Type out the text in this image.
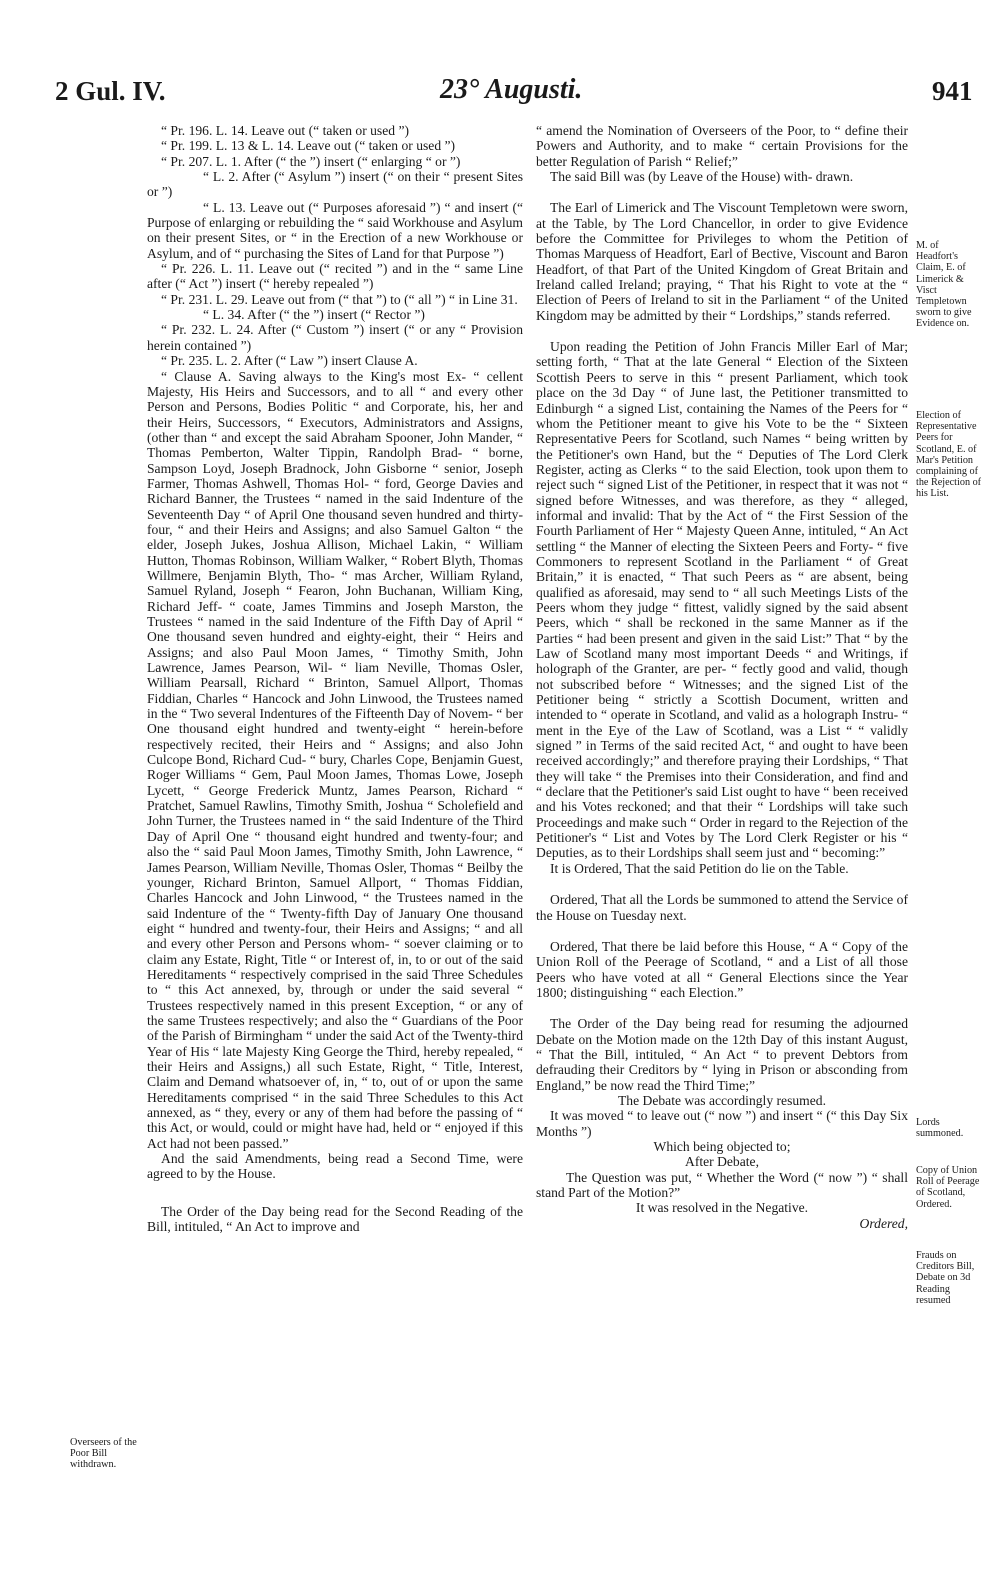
2 Gul. IV.	23° Augusti.	941

“ Pr. 196. L. 14. Leave out (“ taken or used ”)

“ Pr. 199. L. 13 & L. 14. Leave out (“ taken or used ”)

“ Pr. 207. L. 1. After (“ the ”) insert (“ enlarging “ or ”)

“ L. 2. After (“ Asylum ”) insert (“ on their “ present Sites or ”)

“ L. 13. Leave out (“ Purposes aforesaid ”) “ and insert (“ Purpose of enlarging or rebuilding the “ said Workhouse and Asylum on their present Sites, or “ in the Erection of a new Workhouse or Asylum, and of “ purchasing the Sites of Land for that Purpose ”)

“ Pr. 226. L. 11. Leave out (“ recited ”) and in the “ same Line after (“ Act ”) insert (“ hereby repealed ”)

“ Pr. 231. L. 29. Leave out from (“ that ”) to (“ all ”) “ in Line 31.

“ L. 34. After (“ the ”) insert (“ Rector ”)

“ Pr. 232. L. 24. After (“ Custom ”) insert (“ or any “ Provision herein contained ”)

“ Pr. 235. L. 2. After (“ Law ”) insert Clause A.

“ Clause A. Saving always to the King's most Ex- “ cellent Majesty, His Heirs and Successors, and to all “ and every other Person and Persons, Bodies Politic “ and Corporate, his, her and their Heirs, Successors, “ Executors, Administrators and Assigns, (other than “ and except the said Abraham Spooner, John Mander, “ Thomas Pemberton, Walter Tippin, Randolph Brad- “ borne, Sampson Loyd, Joseph Bradnock, John Gisborne “ senior, Joseph Farmer, Thomas Ashwell, Thomas Hol- “ ford, George Davies and Richard Banner, the Trustees “ named in the said Indenture of the Seventeenth Day “ of April One thousand seven hundred and thirty-four, “ and their Heirs and Assigns; and also Samuel Galton “ the elder, Joseph Jukes, Joshua Allison, Michael Lakin, “ William Hutton, Thomas Robinson, William Walker, “ Robert Blyth, Thomas Willmere, Benjamin Blyth, Tho- “ mas Archer, William Ryland, Samuel Ryland, Joseph “ Fearon, John Buchanan, William King, Richard Jeff- “ coate, James Timmins and Joseph Marston, the Trustees “ named in the said Indenture of the Fifth Day of April “ One thousand seven hundred and eighty-eight, their “ Heirs and Assigns; and also Paul Moon James, “ Timothy Smith, John Lawrence, James Pearson, Wil- “ liam Neville, Thomas Osler, William Pearsall, Richard “ Brinton, Samuel Allport, Thomas Fiddian, Charles “ Hancock and John Linwood, the Trustees named in the “ Two several Indentures of the Fifteenth Day of Novem- “ ber One thousand eight hundred and twenty-eight “ herein-before respectively recited, their Heirs and “ Assigns; and also John Culcope Bond, Richard Cud- “ bury, Charles Cope, Benjamin Guest, Roger Williams “ Gem, Paul Moon James, Thomas Lowe, Joseph Lycett, “ George Frederick Muntz, James Pearson, Richard “ Pratchet, Samuel Rawlins, Timothy Smith, Joshua “ Scholefield and John Turner, the Trustees named in “ the said Indenture of the Third Day of April One “ thousand eight hundred and twenty-four; and also the “ said Paul Moon James, Timothy Smith, John Lawrence, “ James Pearson, William Neville, Thomas Osler, Thomas “ Beilby the younger, Richard Brinton, Samuel Allport, “ Thomas Fiddian, Charles Hancock and John Linwood, “ the Trustees named in the said Indenture of the “ Twenty-fifth Day of January One thousand eight “ hundred and twenty-four, their Heirs and Assigns; “ and all and every other Person and Persons whom- “ soever claiming or to claim any Estate, Right, Title “ or Interest of, in, to or out of the said Hereditaments “ respectively comprised in the said Three Schedules to “ this Act annexed, by, through or under the said several “ Trustees respectively named in this present Exception, “ or any of the same Trustees respectively; and also the “ Guardians of the Poor of the Parish of Birmingham “ under the said Act of the Twenty-third Year of His “ late Majesty King George the Third, hereby repealed, “ their Heirs and Assigns,) all such Estate, Right, “ Title, Interest, Claim and Demand whatsoever of, in, “ to, out of or upon the same Hereditaments comprised “ in the said Three Schedules to this Act annexed, as “ they, every or any of them had before the passing of “ this Act, or would, could or might have had, held or “ enjoyed if this Act had not been passed.”

And the said Amendments, being read a Second Time, were agreed to by the House.

The Order of the Day being read for the Second Reading of the Bill, intituled, “ An Act to improve and

Overseers of the Poor Bill withdrawn.

“ amend the Nomination of Overseers of the Poor, to “ define their Powers and Authority, and to make “ certain Provisions for the better Regulation of Parish “ Relief;”

The said Bill was (by Leave of the House) with- drawn.

The Earl of Limerick and The Viscount Templetown were sworn, at the Table, by The Lord Chancellor, in order to give Evidence before the Committee for Privileges to whom the Petition of Thomas Marquess of Headfort, Earl of Bective, Viscount and Baron Headfort, of that Part of the United Kingdom of Great Britain and Ireland called Ireland; praying, “ That his Right to vote at the “ Election of Peers of Ireland to sit in the Parliament “ of the United Kingdom may be admitted by their “ Lordships,” stands referred.

Upon reading the Petition of John Francis Miller Earl of Mar; setting forth, “ That at the late General “ Election of the Sixteen Scottish Peers to serve in this “ present Parliament, which took place on the 3d Day “ of June last, the Petitioner transmitted to Edinburgh “ a signed List, containing the Names of the Peers for “ whom the Petitioner meant to give his Vote to be the “ Sixteen Representative Peers for Scotland, such Names “ being written by the Petitioner's own Hand, but the “ Deputies of The Lord Clerk Register, acting as Clerks “ to the said Election, took upon them to reject such “ signed List of the Petitioner, in respect that it was not “ signed before Witnesses, and was therefore, as they “ alleged, informal and invalid: That by the Act of “ the First Session of the Fourth Parliament of Her “ Majesty Queen Anne, intituled, “ An Act settling “ the Manner of electing the Sixteen Peers and Forty- “ five Commoners to represent Scotland in the Parliament “ of Great Britain,” it is enacted, “ That such Peers as “ are absent, being qualified as aforesaid, may send to “ all such Meetings Lists of the Peers whom they judge “ fittest, validly signed by the said absent Peers, which “ shall be reckoned in the same Manner as if the Parties “ had been present and given in the said List:” That “ by the Law of Scotland many most important Deeds “ and Writings, if holograph of the Granter, are per- “ fectly good and valid, though not subscribed before “ Witnesses; and the signed List of the Petitioner being “ strictly a Scottish Document, written and intended to “ operate in Scotland, and valid as a holograph Instru- “ ment in the Eye of the Law of Scotland, was a List “ “ validly signed ” in Terms of the said recited Act, “ and ought to have been received accordingly;” and therefore praying their Lordships, “ That they will take “ the Premises into their Consideration, and find and “ declare that the Petitioner's said List ought to have “ been received and his Votes reckoned; and that their “ Lordships will take such Proceedings and make such “ Order in regard to the Rejection of the Petitioner's “ List and Votes by The Lord Clerk Register or his “ Deputies, as to their Lordships shall seem just and “ becoming:”

It is Ordered, That the said Petition do lie on the Table.

Ordered, That all the Lords be summoned to attend the Service of the House on Tuesday next.

Ordered, That there be laid before this House, “ A “ Copy of the Union Roll of the Peerage of Scotland, “ and a List of all those Peers who have voted at all “ General Elections since the Year 1800; distinguishing “ each Election.”

The Order of the Day being read for resuming the adjourned Debate on the Motion made on the 12th Day of this instant August, “ That the Bill, intituled, “ An Act “ to prevent Debtors from defrauding their Creditors by “ lying in Prison or absconding from England,” be now read the Third Time;”

The Debate was accordingly resumed.

It was moved “ to leave out (“ now ”) and insert “ (“ this Day Six Months ”)

Which being objected to;

After Debate,

The Question was put, “ Whether the Word (“ now ”) “ shall stand Part of the Motion?”

It was resolved in the Negative.

Ordered,

M. of Headfort's Claim, E. of Limerick & Visct Templetown sworn to give Evidence on.
Election of Representative Peers for Scotland, E. of Mar's Petition complaining of the Rejection of his List.
Lords summoned.
Copy of Union Roll of Peerage of Scotland, Ordered.
Frauds on Creditors Bill, Debate on 3d Reading resumed
